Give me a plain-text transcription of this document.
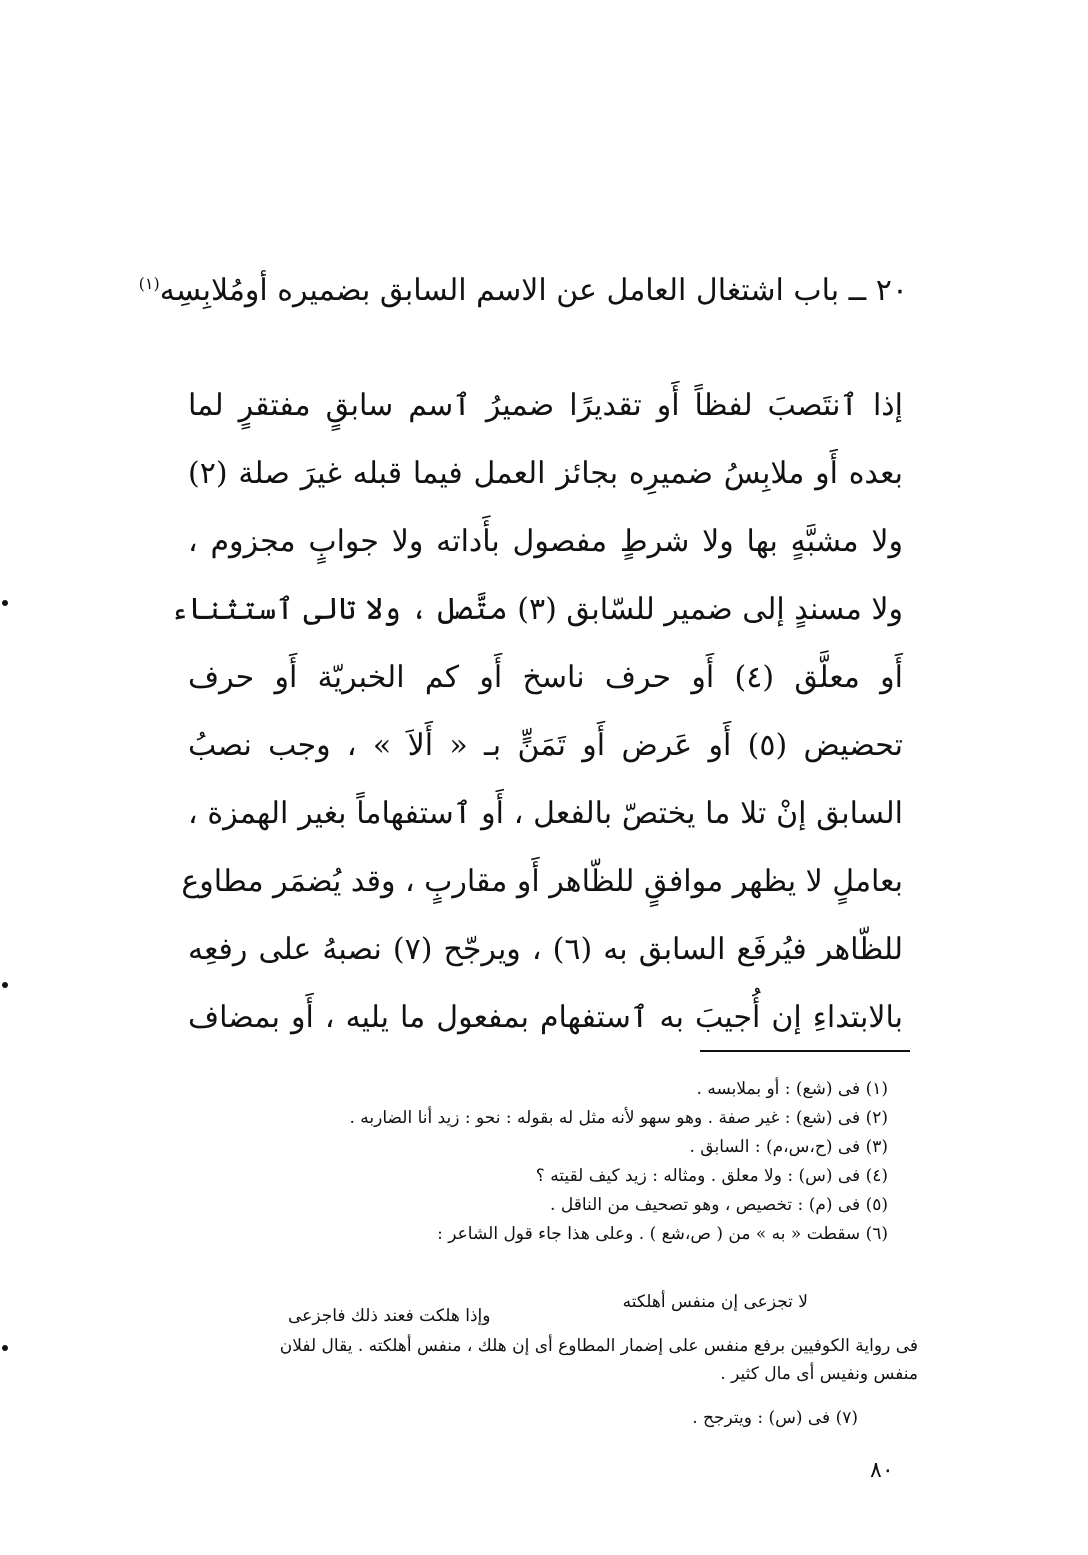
٢٠ ــ باب اشتغال العامل عن الاسم السابق بضميره أومُلابِسِه$^{(١)}$
إذا ٱنتَصبَ لفظاً أَو تقديرًا ضميرُ ٱسم سابقٍ مفتقرٍ لما
بعده أَو ملابِسُ ضميرِه بجائز العمل فيما قبله غيرَ صلة (٢)
ولا مشبَّهٍ بها ولا شرطٍ مفصول بأَداته ولا جوابٍ مجزوم ،
ولا مسندٍ إلى ضمير للسّابق (٣) متَّصل ، ولا تالى ٱستثناء
أَو معلَّق (٤) أَو حرف ناسخ أَو كم الخبريّة أَو حرف
تحضيض (٥) أَو عَرض أَو تَمَنٍّ بـ « أَلاَ » ، وجب نصبُ
السابق إنْ تلا ما يختصّ بالفعل ، أَو ٱستفهاماً بغير الهمزة ،
بعاملٍ لا يظهر موافقٍ للظّاهر أَو مقاربٍ ، وقد يُضمَر مطاوع
للظّاهر فيُرفَع السابق به (٦) ، ويرجّح (٧) نصبهُ على رفعِه
بالابتداءِ إن أُجيبَ به ٱستفهام بمفعول ما يليه ، أَو بمضاف
(١) فى (شع) : أو بملابسه .
(٢) فى (شع) : غير صفة . وهو سهو لأنه مثل له بقوله : نحو : زيد أنا الضاربه .
(٣) فى (ح،س،م) : السابق .
(٤) فى (س) : ولا معلق . ومثاله : زيد كيف لقيته ؟
(٥) فى (م) : تخصيص ، وهو تصحيف من الناقل .
(٦) سقطت « به » من ( ص،شع ) . وعلى هذا جاء قول الشاعر :
لا تجزعى إن منفس أهلكته
وإذا هلكت فعند ذلك فاجزعى
فى رواية الكوفيين برفع منفس على إضمار المطاوع أى إن هلك ، منفس أهلكته . يقال لفلان
منفس ونفيس أى مال كثير .
(٧) فى (س) : ويترجح .
٨٠
